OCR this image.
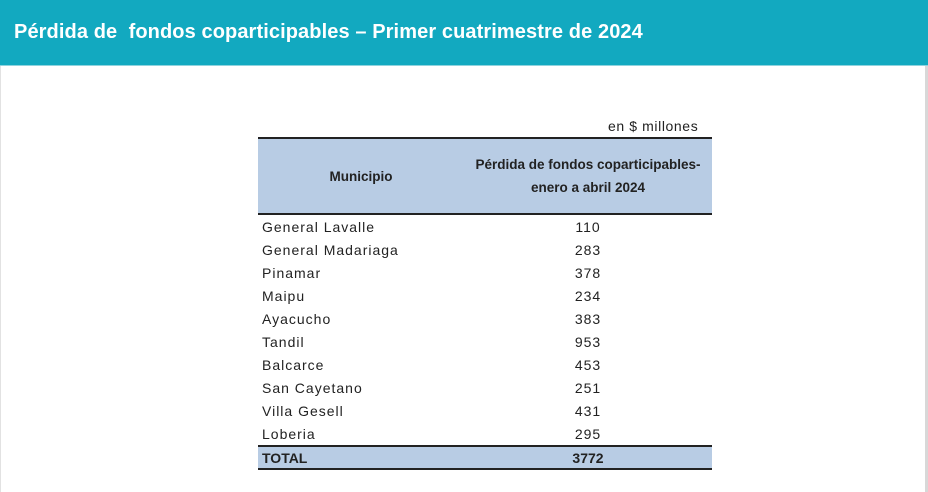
Pérdida de  fondos coparticipables – Primer cuatrimestre de 2024
en $ millones
Municipio	Pérdida de fondos coparticipables- enero a abril 2024
General Lavalle	110
General Madariaga	283
Pinamar	378
Maipu	234
Ayacucho	383
Tandil	953
Balcarce	453
San Cayetano	251
Villa Gesell	431
Loberia	295
TOTAL	3772
